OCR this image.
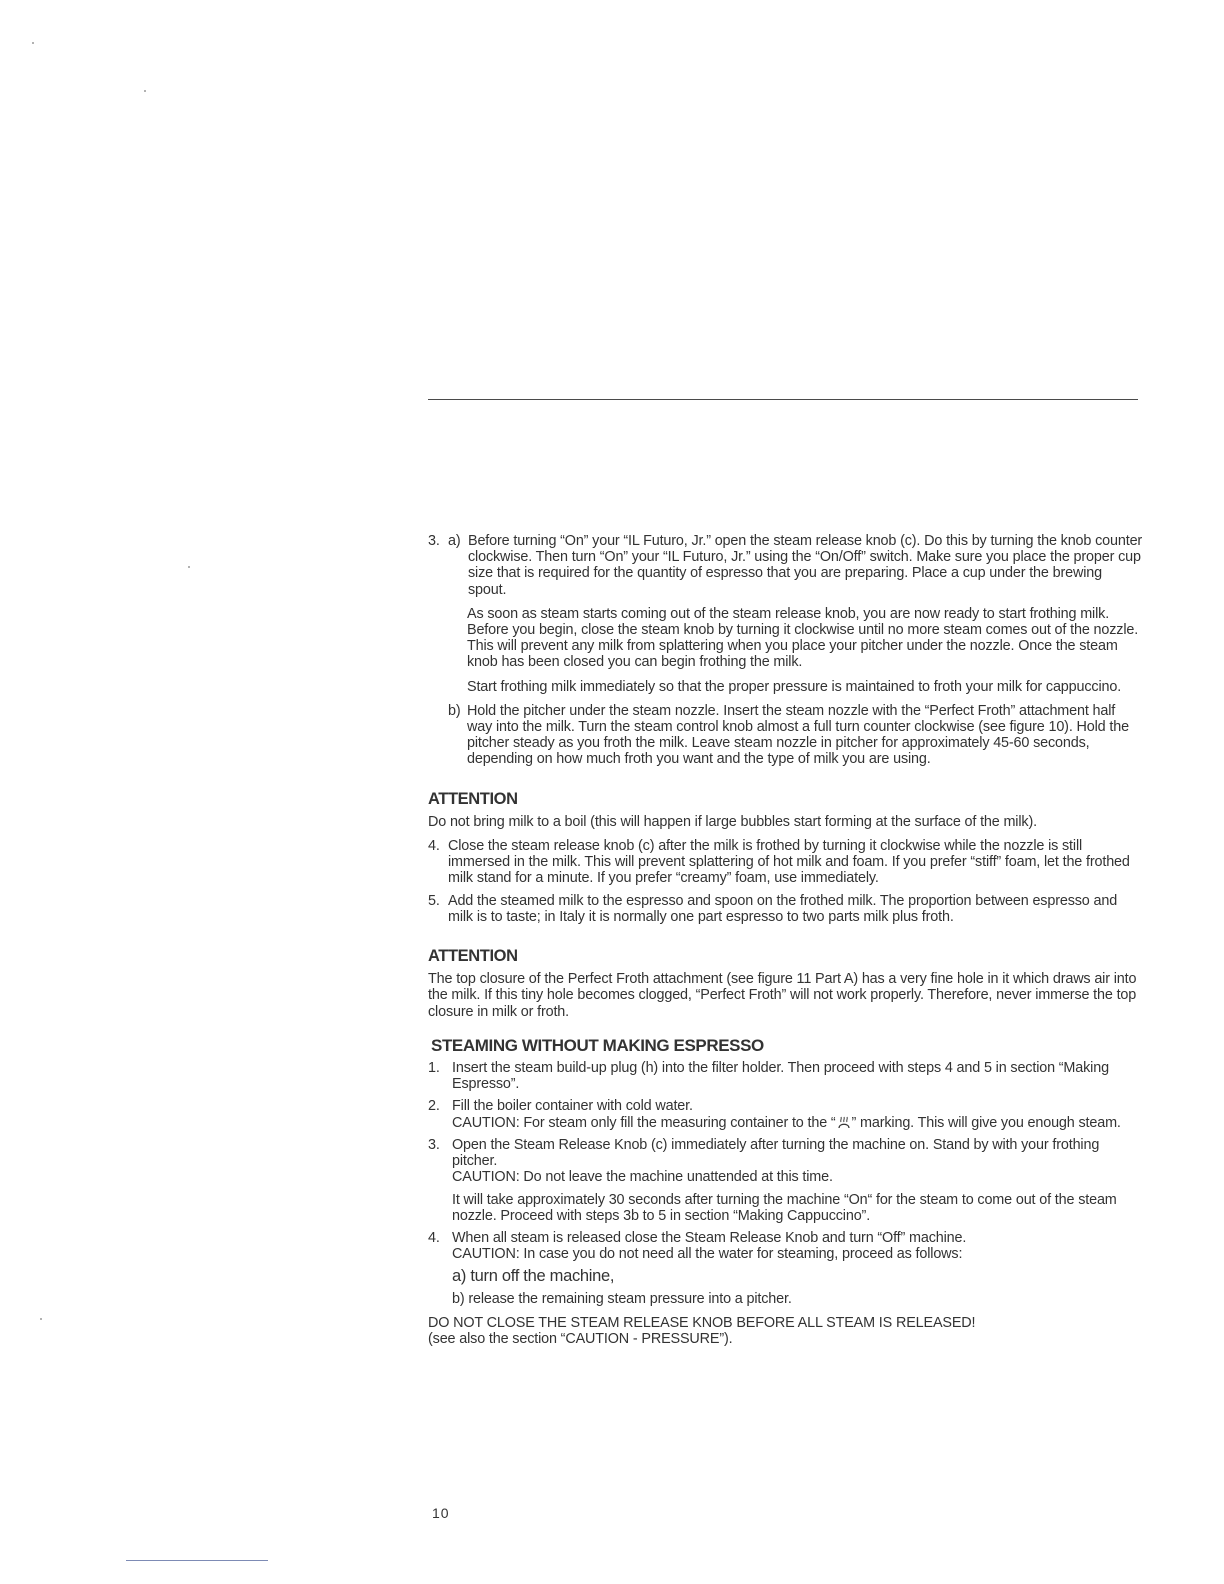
3. a) Before turning “On” your “IL Futuro, Jr.” open the steam release knob (c). Do this by turning the knob counter clockwise. Then turn “On” your “IL Futuro, Jr.” using the “On/Off” switch. Make sure you place the proper cup size that is required for the quantity of espresso that you are preparing. Place a cup under the brewing spout.

As soon as steam starts coming out of the steam release knob, you are now ready to start frothing milk. Before you begin, close the steam knob by turning it clockwise until no more steam comes out of the nozzle. This will prevent any milk from splattering when you place your pitcher under the nozzle. Once the steam knob has been closed you can begin frothing the milk.

Start frothing milk immediately so that the proper pressure is maintained to froth your milk for cappuccino.

b) Hold the pitcher under the steam nozzle. Insert the steam nozzle with the “Perfect Froth” attachment half way into the milk. Turn the steam control knob almost a full turn counter clockwise (see figure 10). Hold the pitcher steady as you froth the milk. Leave steam nozzle in pitcher for approximately 45-60 seconds, depending on how much froth you want and the type of milk you are using.

ATTENTION

Do not bring milk to a boil (this will happen if large bubbles start forming at the surface of the milk).

4. Close the steam release knob (c) after the milk is frothed by turning it clockwise while the nozzle is still immersed in the milk. This will prevent splattering of hot milk and foam. If you prefer “stiff” foam, let the frothed milk stand for a minute. If you prefer “creamy” foam, use immediately.

5. Add the steamed milk to the espresso and spoon on the frothed milk. The proportion between espresso and milk is to taste; in Italy it is normally one part espresso to two parts milk plus froth.

ATTENTION

The top closure of the Perfect Froth attachment (see figure 11 Part A) has a very fine hole in it which draws air into the milk. If this tiny hole becomes clogged, “Perfect Froth” will not work properly. Therefore, never immerse the top closure in milk or froth.

STEAMING WITHOUT MAKING ESPRESSO
1. Insert the steam build-up plug (h) into the filter holder. Then proceed with steps 4 and 5 in section “Making Espresso”.

2. Fill the boiler container with cold water.

CAUTION: For steam only fill the measuring container to the “ ” marking. This will give you enough steam.

3. Open the Steam Release Knob (c) immediately after turning the machine on. Stand by with your frothing pitcher.

CAUTION: Do not leave the machine unattended at this time.

It will take approximately 30 seconds after turning the machine “On“ for the steam to come out of the steam nozzle. Proceed with steps 3b to 5 in section “Making Cappuccino”.

4. When all steam is released close the Steam Release Knob and turn “Off” machine.

CAUTION: In case you do not need all the water for steaming, proceed as follows:

a) turn off the machine,

b) release the remaining steam pressure into a pitcher.

DO NOT CLOSE THE STEAM RELEASE KNOB BEFORE ALL STEAM IS RELEASED!

(see also the section “CAUTION - PRESSURE”).

10
